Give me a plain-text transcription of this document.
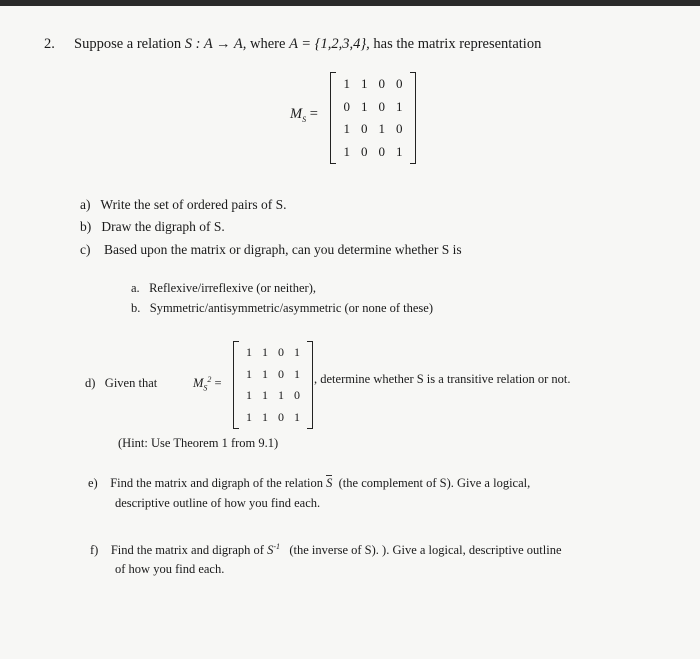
2. Suppose a relation S : A → A, where A = {1,2,3,4}, has the matrix representation
$M_S$ =
1 1 0 0
0 1 0 1
1 0 1 0
1 0 0 1
a) Write the set of ordered pairs of S.
b) Draw the digraph of S.
c) Based upon the matrix or digraph, can you determine whether S is
a. Reflexive/irreflexive (or neither),
b. Symmetric/antisymmetric/asymmetric (or none of these)
d) Given that	$M_S^2$ =
1 1 0 1
1 1 0 1
1 1 1 0
1 1 0 1
, determine whether S is a transitive relation or not.
(Hint: Use Theorem 1 from 9.1)
e) Find the matrix and digraph of the relation S (the complement of S). Give a logical,
descriptive outline of how you find each.
f) Find the matrix and digraph of $S^{-1}$ (the inverse of S). ). Give a logical, descriptive outline
of how you find each.
